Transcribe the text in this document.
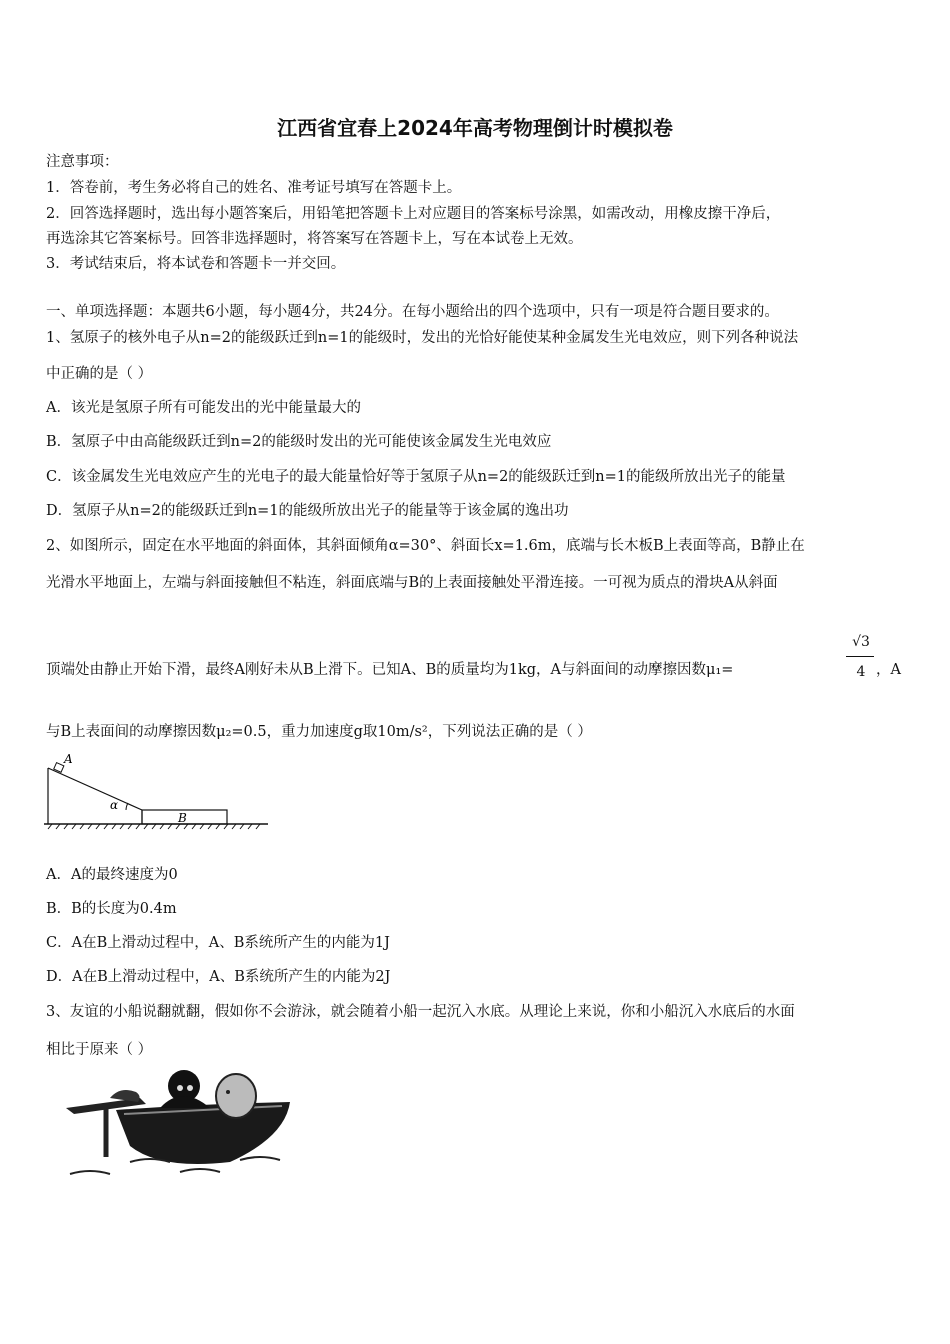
江西省宜春上2024年高考物理倒计时模拟卷
注意事项：
1．答卷前，考生务必将自己的姓名、准考证号填写在答题卡上。
2．回答选择题时，选出每小题答案后，用铅笔把答题卡上对应题目的答案标号涂黑，如需改动，用橡皮擦干净后，
再选涂其它答案标号。回答非选择题时，将答案写在答题卡上，写在本试卷上无效。
3．考试结束后，将本试卷和答题卡一并交回。
一、单项选择题：本题共6小题，每小题4分，共24分。在每小题给出的四个选项中，只有一项是符合题目要求的。
1、氢原子的核外电子从n=2的能级跃迁到n=1的能级时，发出的光恰好能使某种金属发生光电效应，则下列各种说法
中正确的是（ ）
A．该光是氢原子所有可能发出的光中能量最大的
B．氢原子中由高能级跃迁到n=2的能级时发出的光可能使该金属发生光电效应
C．该金属发生光电效应产生的光电子的最大能量恰好等于氢原子从n=2的能级跃迁到n=1的能级所放出光子的能量
D．氢原子从n=2的能级跃迁到n=1的能级所放出光子的能量等于该金属的逸出功
2、如图所示，固定在水平地面的斜面体，其斜面倾角α=30°、斜面长x=1.6m，底端与长木板B上表面等高，B静止在
光滑水平地面上，左端与斜面接触但不粘连，斜面底端与B的上表面接触处平滑连接。一可视为质点的滑块A从斜面
顶端处由静止开始下滑，最终A刚好未从B上滑下。已知A、B的质量均为1kg，A与斜面间的动摩擦因数μ₁=
√3
4 ，A
与B上表面间的动摩擦因数μ₂=0.5，重力加速度g取10m/s²，下列说法正确的是（ ）
A
α
B
A．A的最终速度为0
B．B的长度为0.4m
C．A在B上滑动过程中，A、B系统所产生的内能为1J
D．A在B上滑动过程中，A、B系统所产生的内能为2J
3、友谊的小船说翻就翻，假如你不会游泳，就会随着小船一起沉入水底。从理论上来说，你和小船沉入水底后的水面
相比于原来（ ）
